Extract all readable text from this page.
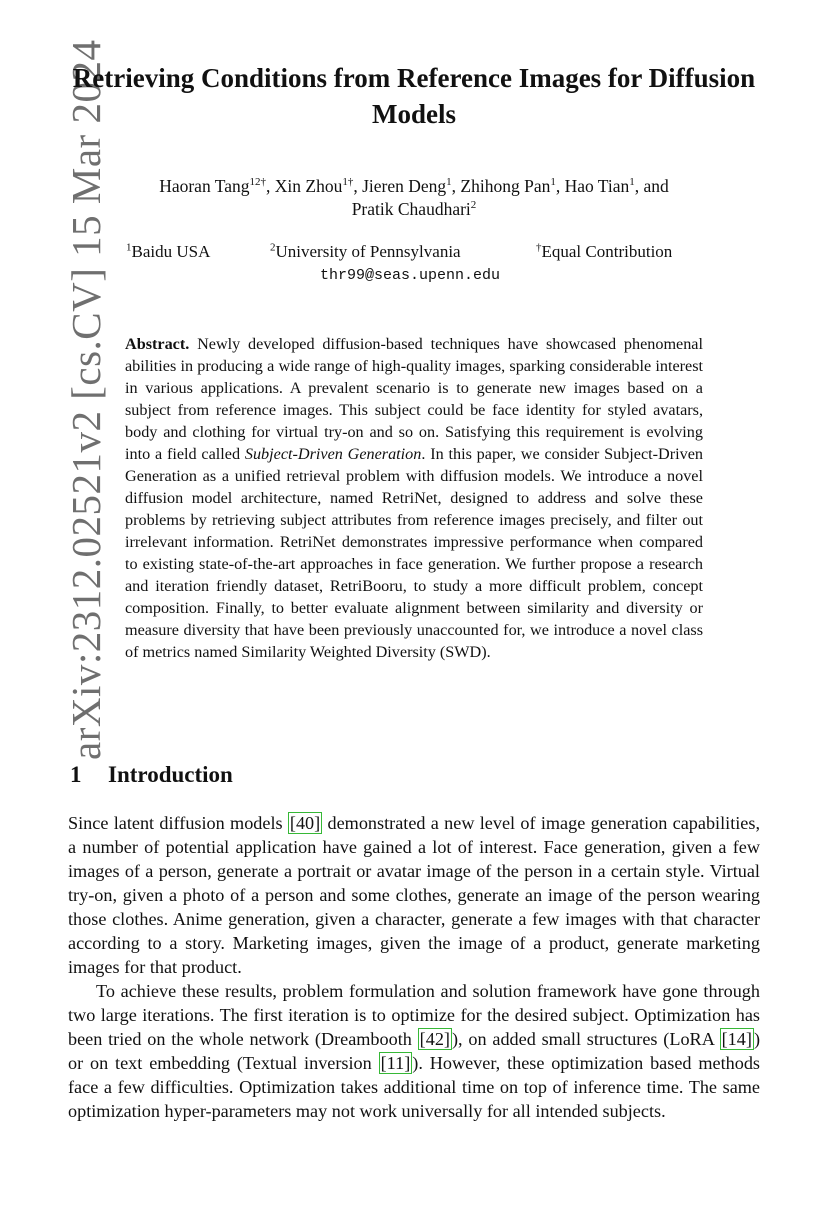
arXiv:2312.02521v2 [cs.CV] 15 Mar 2024
Retrieving Conditions from Reference Images for Diffusion Models
Haoran Tang$^{12\dagger}$, Xin Zhou$^{1\dagger}$, Jieren Deng$^1$, Zhihong Pan$^1$, Hao Tian$^1$, and
Pratik Chaudhari$^2$
$^1$Baidu USA	$^2$University of Pennsylvania	†Equal Contribution
thr99@seas.upenn.edu
Abstract. Newly developed diffusion-based techniques have showcased phenomenal abilities in producing a wide range of high-quality images, sparking considerable interest in various applications. A prevalent scenario is to generate new images based on a subject from reference images. This subject could be face identity for styled avatars, body and clothing for virtual try-on and so on. Satisfying this requirement is evolving into a field called Subject-Driven Generation. In this paper, we consider Subject-Driven Generation as a unified retrieval problem with diffusion models. We introduce a novel diffusion model architecture, named RetriNet, designed to address and solve these problems by retrieving subject attributes from reference images precisely, and filter out irrelevant information. RetriNet demonstrates impressive performance when compared to existing state-of-the-art approaches in face generation. We further propose a research and iteration friendly dataset, RetriBooru, to study a more difficult problem, concept composition. Finally, to better evaluate alignment between similarity and diversity or measure diversity that have been previously unaccounted for, we introduce a novel class of metrics named Similarity Weighted Diversity (SWD).
1 Introduction

Since latent diffusion models [40] demonstrated a new level of image generation capabilities, a number of potential application have gained a lot of interest. Face generation, given a few images of a person, generate a portrait or avatar image of the person in a certain style. Virtual try-on, given a photo of a person and some clothes, generate an image of the person wearing those clothes. Anime generation, given a character, generate a few images with that character according to a story. Marketing images, given the image of a product, generate marketing images for that product.

To achieve these results, problem formulation and solution framework have gone through two large iterations. The first iteration is to optimize for the desired subject. Optimization has been tried on the whole network (Dreambooth [42] ), on added small structures (LoRA [14] ) or on text embedding (Textual inversion [11] ). However, these optimization based methods face a few difficulties. Optimization takes additional time on top of inference time. The same optimization hyper-parameters may not work universally for all intended subjects.
